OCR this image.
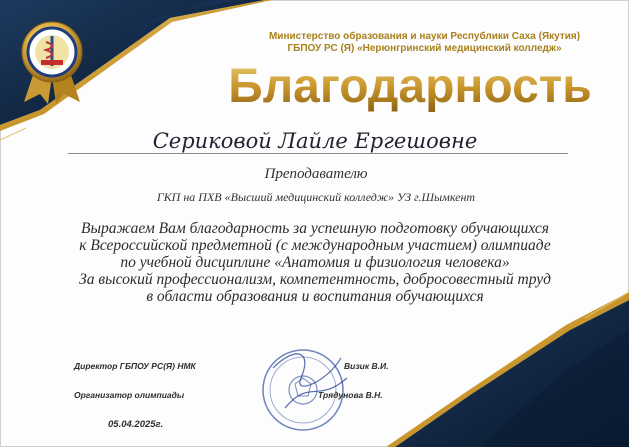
Министерство образования и науки Республики Саха (Якутия)
ГБПОУ РС (Я) «Нерюнгринский медицинский колледж»

Благодарность

Сериковой Лайле Ергешовне

Преподавателю

ГКП на ПХВ «Высший медицинский колледж» УЗ г.Шымкент

Выражаем Вам благодарность за успешную подготовку обучающихся
к Всероссийской предметной (с международным участием) олимпиаде
по учебной дисциплине «Анатомия и физиология человека»
За высокий профессионализм, компетентность, добросовестный труд
в области образования и воспитания обучающихся
Директор ГБПОУ РС(Я) НМК	Визик В.И.
Организатор олимпиады	Трядунова В.Н.
05.04.2025г.
